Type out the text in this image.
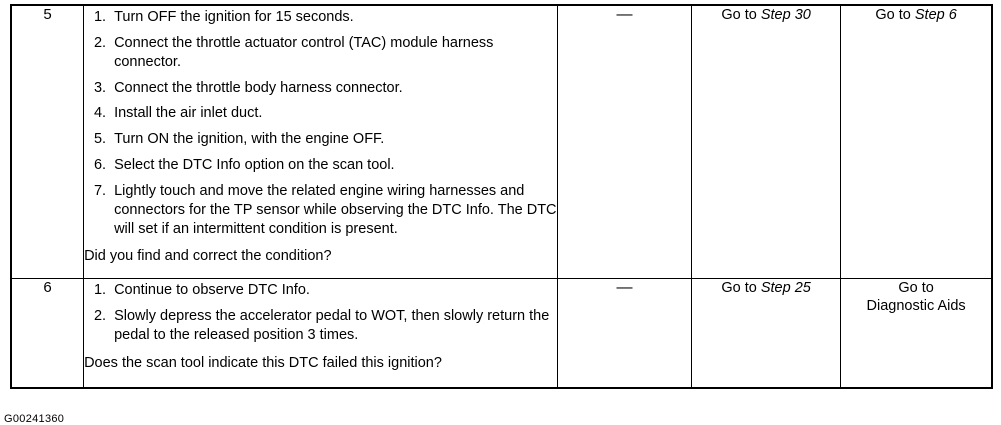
5	
1.Turn OFF the ignition for 15 seconds.
2. Connect the throttle actuator control (TAC) module harness connector.
3. Connect the throttle body harness connector.
4. Install the air inlet duct.
5. Turn ON the ignition, with the engine OFF.
6. Select the DTC Info option on the scan tool.
7. Lightly touch and move the related engine wiring harnesses and connectors for the TP sensor while observing the DTC Info. The DTC will set if an intermittent condition is present.
Did you find and correct the condition?
	—	Go to Step 30	Go to Step 6

6	
1.Continue to observe DTC Info.
2. Slowly depress the accelerator pedal to WOT, then slowly return the pedal to the released position 3 times.
Does the scan tool indicate this DTC failed this ignition?
	—	Go to Step 25	Go to
Diagnostic Aids
G00241360
